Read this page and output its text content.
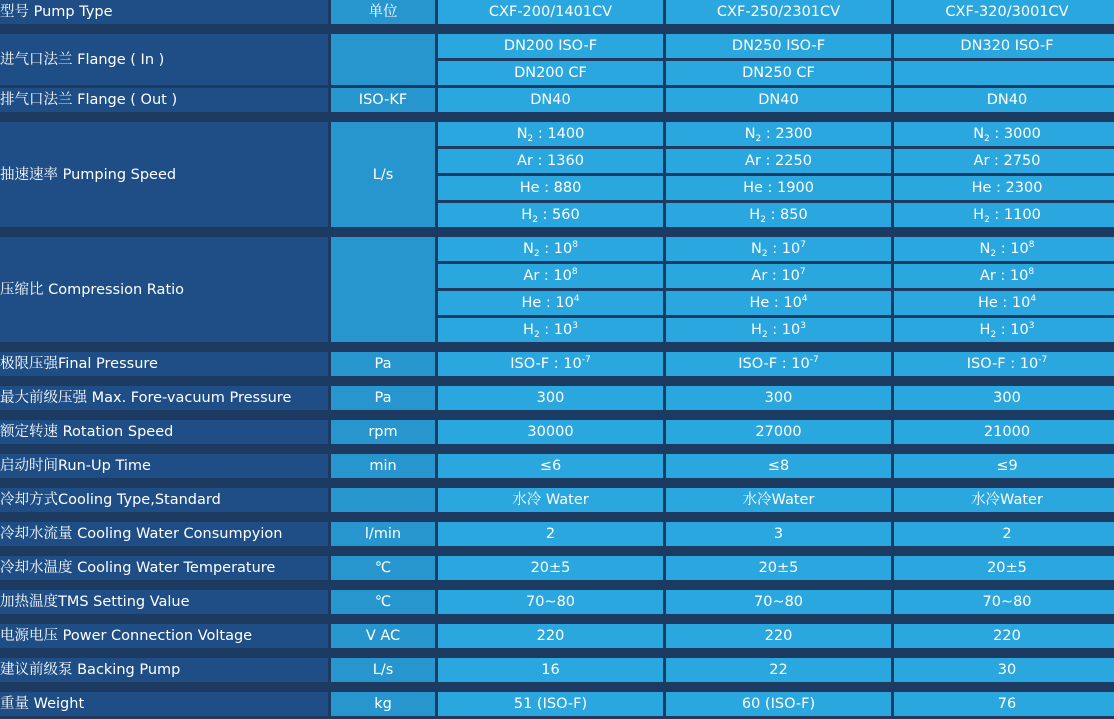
型号 Pump Type	单位	CXF-200/1401CV	CXF-250/2301CV	CXF-320/3001CV

进气口法兰 Flange ( In )		DN200 ISO-F	DN250 ISO-F	DN320 ISO-F
		DN200 CF	DN250 CF	
排气口法兰 Flange ( Out )	ISO-KF	DN40	DN40	DN40

抽速速率 Pumping Speed	L/s	$N_2$ : 1400	$N_2$ : 2300	$N_2$ : 3000
		Ar : 1360	Ar : 2250	Ar : 2750
		He : 880	He : 1900	He : 2300
		$H_2$ : 560	$H_2$ : 850	$H_2$ : 1100

压缩比 Compression Ratio		$N_2$ : $10^8$	$N_2$ : $10^7$	$N_2$ : $10^8$
		Ar : $10^8$	Ar : $10^7$	Ar : $10^8$
		He : $10^4$	He : $10^4$	He : $10^4$
		$H_2$ : $10^3$	$H_2$ : $10^3$	$H_2$ : $10^3$

极限压强Final Pressure	Pa	ISO-F : $10^{-7}$	ISO-F : $10^{-7}$	ISO-F : $10^{-7}$

最大前级压强 Max. Fore-vacuum Pressure	Pa	300	300	300

额定转速 Rotation Speed	rpm	30000	27000	21000

启动时间Run-Up Time	min	≤6	≤8	≤9

冷却方式Cooling Type,Standard		水冷 Water	水冷Water	水冷Water

冷却水流量 Cooling Water Consumpyion	l/min	2	3	2

冷却水温度 Cooling Water Temperature	℃	20±5	20±5	20±5

加热温度TMS Setting Value	℃	70~80	70~80	70~80

电源电压 Power Connection Voltage	V AC	220	220	220

建议前级泵 Backing Pump	L/s	16	22	30

重量 Weight	kg	51 (ISO-F)	60 (ISO-F)	76
